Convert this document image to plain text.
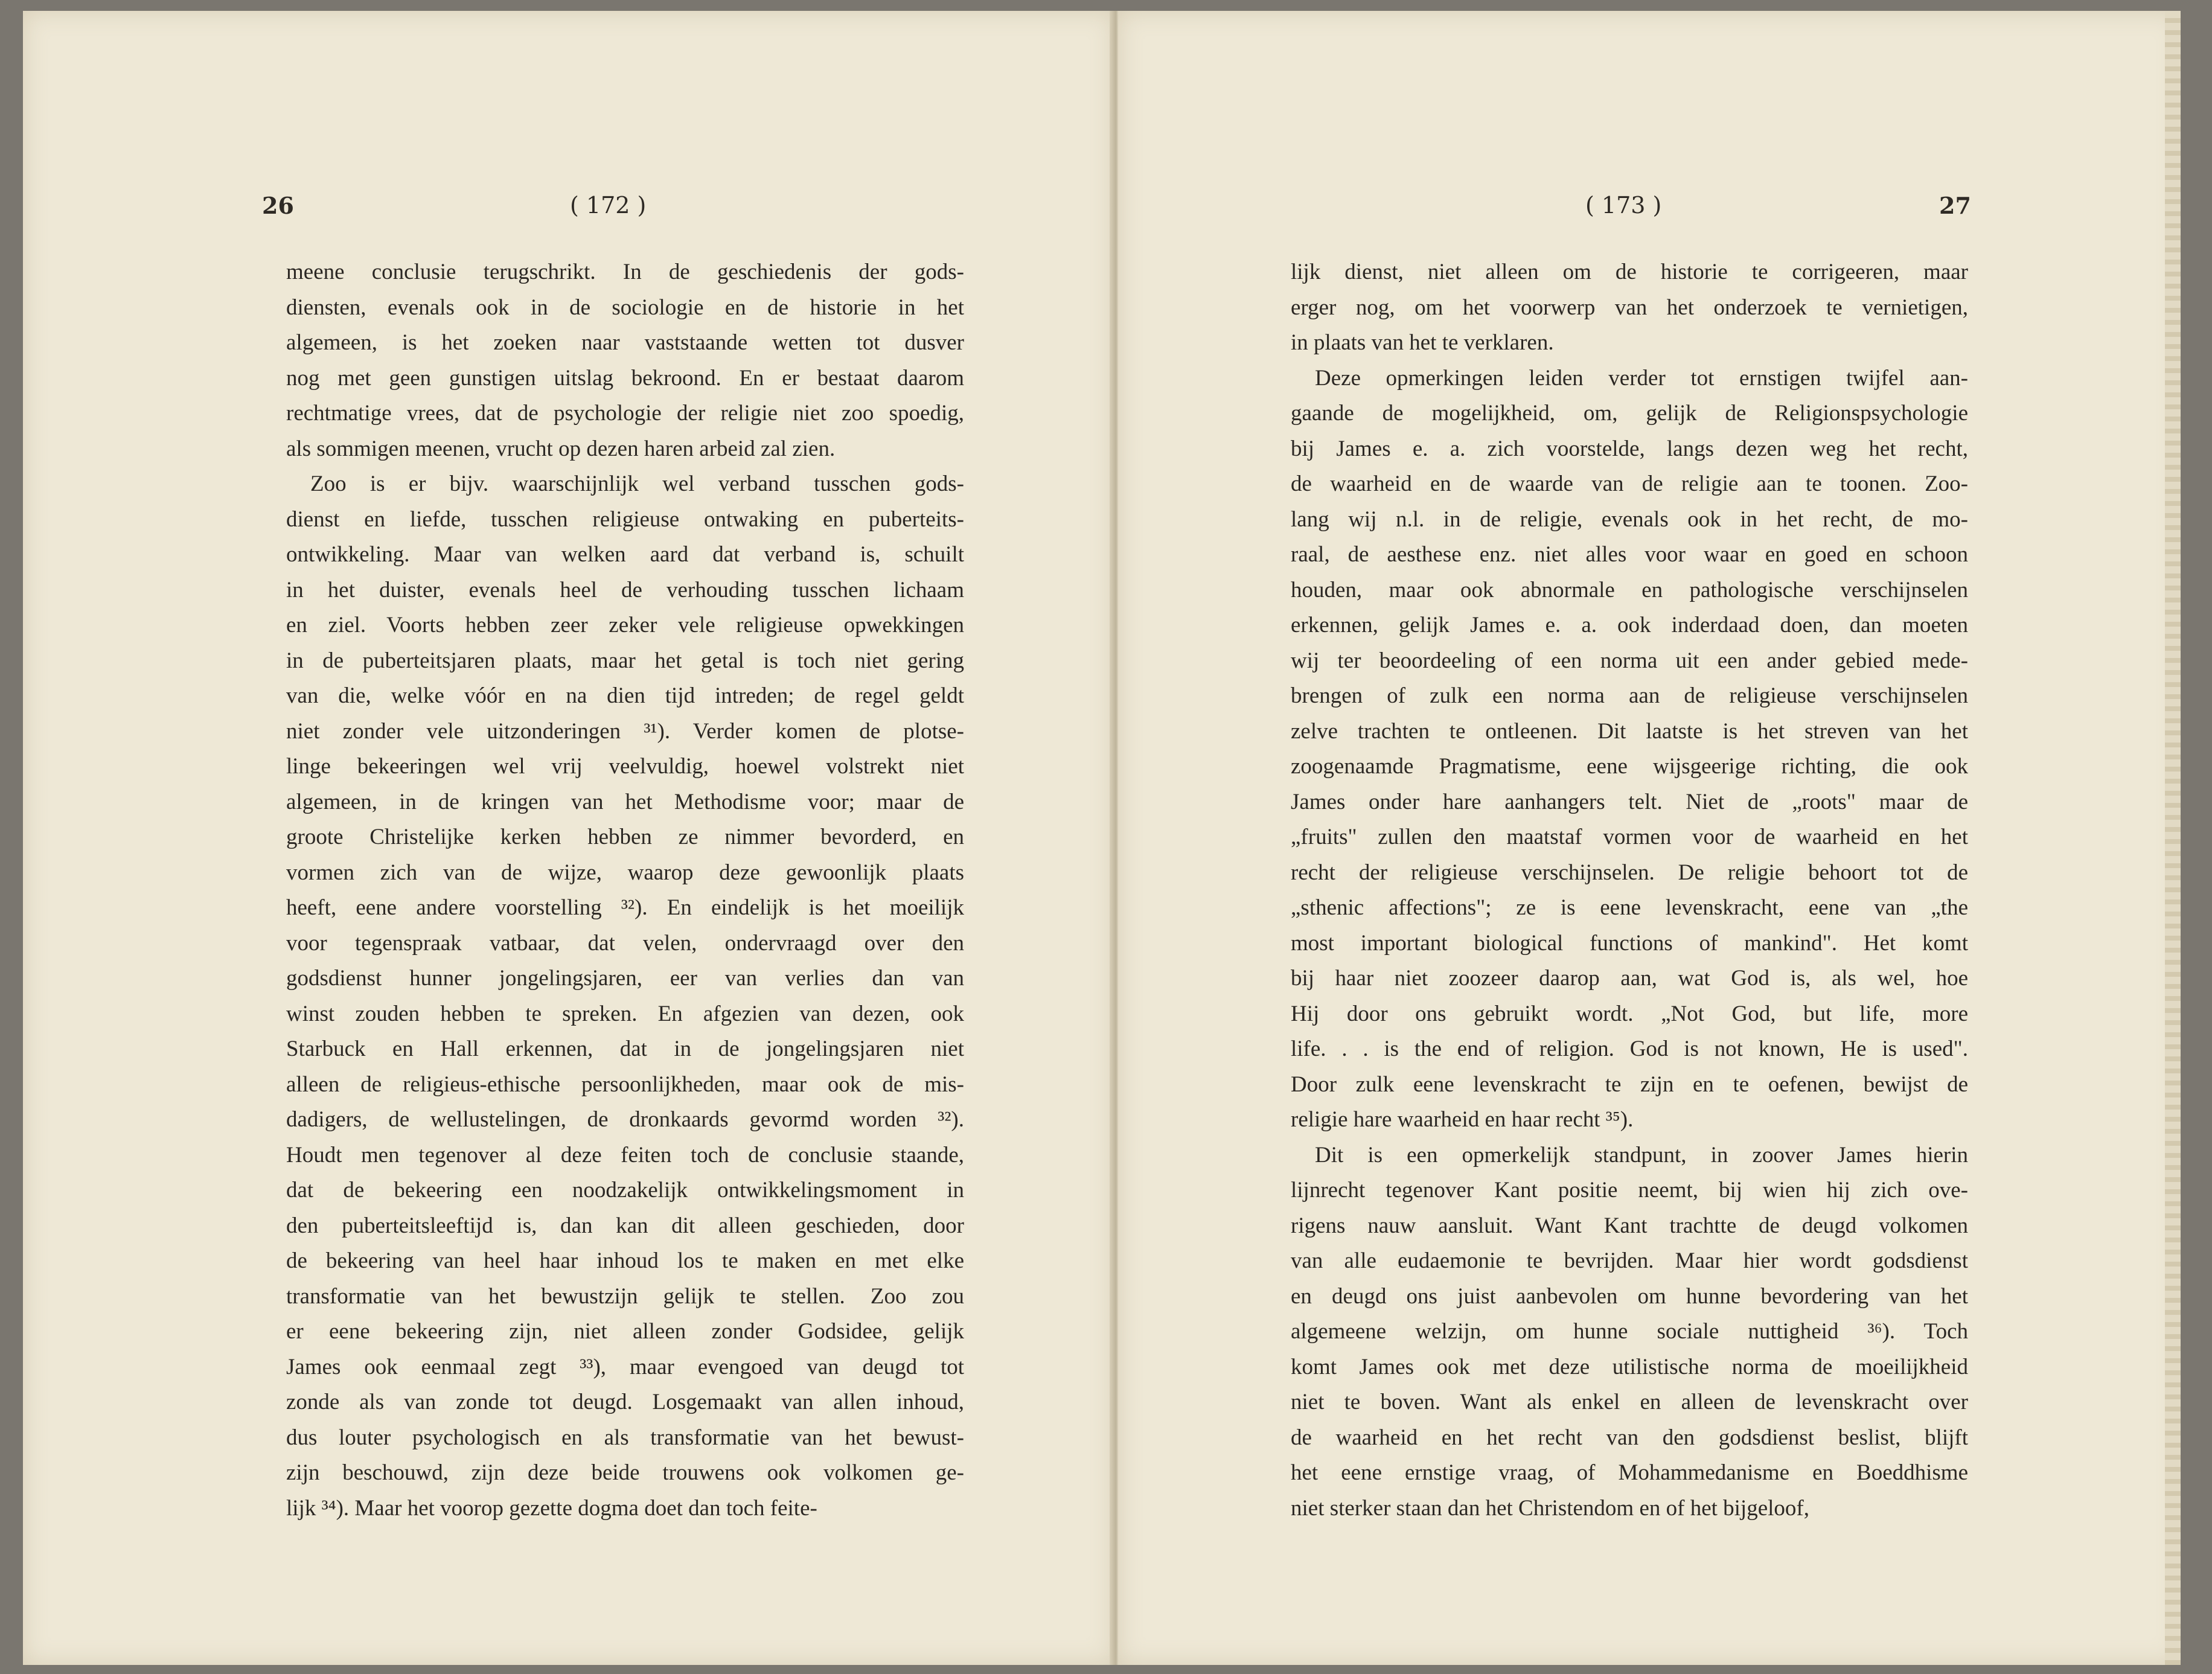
26	( 172 )
meene conclusie terugschrikt. In de geschiedenis der gods-
diensten, evenals ook in de sociologie en de historie in het
algemeen, is het zoeken naar vaststaande wetten tot dusver
nog met geen gunstigen uitslag bekroond. En er bestaat daarom
rechtmatige vrees, dat de psychologie der religie niet zoo spoedig,
als sommigen meenen, vrucht op dezen haren arbeid zal zien.
Zoo is er bijv. waarschijnlijk wel verband tusschen gods-
dienst en liefde, tusschen religieuse ontwaking en puberteits-
ontwikkeling. Maar van welken aard dat verband is, schuilt
in het duister, evenals heel de verhouding tusschen lichaam
en ziel. Voorts hebben zeer zeker vele religieuse opwekkingen
in de puberteitsjaren plaats, maar het getal is toch niet gering
van die, welke vóór en na dien tijd intreden; de regel geldt
niet zonder vele uitzonderingen ³¹). Verder komen de plotse-
linge bekeeringen wel vrij veelvuldig, hoewel volstrekt niet
algemeen, in de kringen van het Methodisme voor; maar de
groote Christelijke kerken hebben ze nimmer bevorderd, en
vormen zich van de wijze, waarop deze gewoonlijk plaats
heeft, eene andere voorstelling ³²). En eindelijk is het moeilijk
voor tegenspraak vatbaar, dat velen, ondervraagd over den
godsdienst hunner jongelingsjaren, eer van verlies dan van
winst zouden hebben te spreken. En afgezien van dezen, ook
Starbuck en Hall erkennen, dat in de jongelingsjaren niet
alleen de religieus-ethische persoonlijkheden, maar ook de mis-
dadigers, de wellustelingen, de dronkaards gevormd worden ³²).
Houdt men tegenover al deze feiten toch de conclusie staande,
dat de bekeering een noodzakelijk ontwikkelingsmoment in
den puberteitsleeftijd is, dan kan dit alleen geschieden, door
de bekeering van heel haar inhoud los te maken en met elke
transformatie van het bewustzijn gelijk te stellen. Zoo zou
er eene bekeering zijn, niet alleen zonder Godsidee, gelijk
James ook eenmaal zegt ³³), maar evengoed van deugd tot
zonde als van zonde tot deugd. Losgemaakt van allen inhoud,
dus louter psychologisch en als transformatie van het bewust-
zijn beschouwd, zijn deze beide trouwens ook volkomen ge-
lijk ³⁴). Maar het voorop gezette dogma doet dan toch feite-
( 173 )	27
lijk dienst, niet alleen om de historie te corrigeeren, maar
erger nog, om het voorwerp van het onderzoek te vernietigen,
in plaats van het te verklaren.
Deze opmerkingen leiden verder tot ernstigen twijfel aan-
gaande de mogelijkheid, om, gelijk de Religionspsychologie
bij James e. a. zich voorstelde, langs dezen weg het recht,
de waarheid en de waarde van de religie aan te toonen. Zoo-
lang wij n.l. in de religie, evenals ook in het recht, de mo-
raal, de aesthese enz. niet alles voor waar en goed en schoon
houden, maar ook abnormale en pathologische verschijnselen
erkennen, gelijk James e. a. ook inderdaad doen, dan moeten
wij ter beoordeeling of een norma uit een ander gebied mede-
brengen of zulk een norma aan de religieuse verschijnselen
zelve trachten te ontleenen. Dit laatste is het streven van het
zoogenaamde Pragmatisme, eene wijsgeerige richting, die ook
James onder hare aanhangers telt. Niet de „roots" maar de
„fruits" zullen den maatstaf vormen voor de waarheid en het
recht der religieuse verschijnselen. De religie behoort tot de
„sthenic affections"; ze is eene levenskracht, eene van „the
most important biological functions of mankind". Het komt
bij haar niet zoozeer daarop aan, wat God is, als wel, hoe
Hij door ons gebruikt wordt. „Not God, but life, more
life. . . is the end of religion. God is not known, He is used".
Door zulk eene levenskracht te zijn en te oefenen, bewijst de
religie hare waarheid en haar recht ³⁵).
Dit is een opmerkelijk standpunt, in zoover James hierin
lijnrecht tegenover Kant positie neemt, bij wien hij zich ove-
rigens nauw aansluit. Want Kant trachtte de deugd volkomen
van alle eudaemonie te bevrijden. Maar hier wordt godsdienst
en deugd ons juist aanbevolen om hunne bevordering van het
algemeene welzijn, om hunne sociale nuttigheid ³⁶). Toch
komt James ook met deze utilistische norma de moeilijkheid
niet te boven. Want als enkel en alleen de levenskracht over
de waarheid en het recht van den godsdienst beslist, blijft
het eene ernstige vraag, of Mohammedanisme en Boeddhisme
niet sterker staan dan het Christendom en of het bijgeloof,
